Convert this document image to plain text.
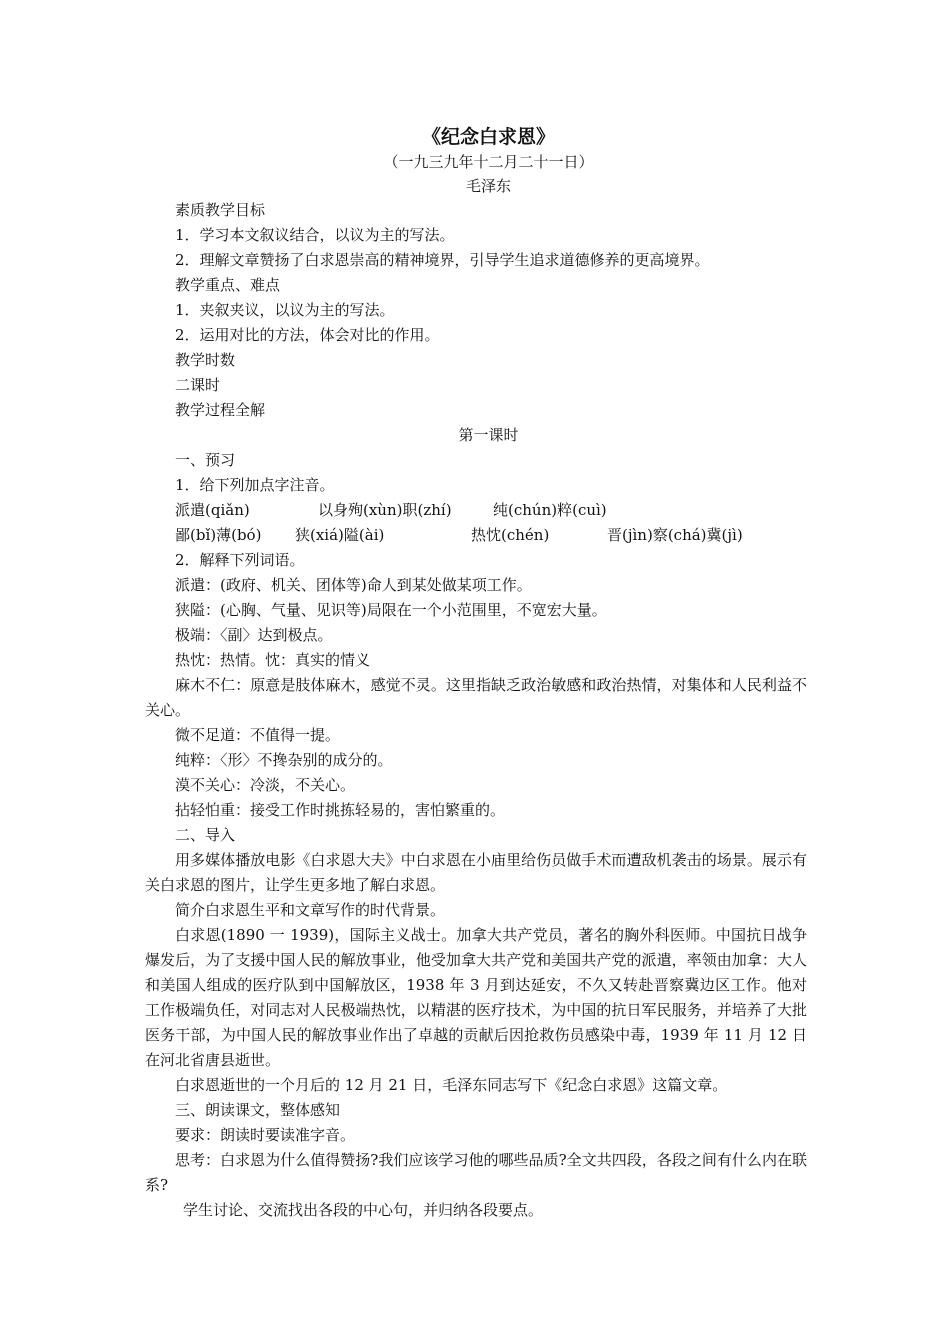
《纪念白求恩》
（一九三九年十二月二十一日）
毛泽东
素质教学目标
1．学习本文叙议结合，以议为主的写法。
2．理解文章赞扬了白求恩崇高的精神境界，引导学生追求道德修养的更高境界。
教学重点、难点
1．夹叙夹议，以议为主的写法。
2．运用对比的方法，体会对比的作用。
教学时数
二课时
教学过程全解
第一课时
一、预习
1．给下列加点字注音。
派遣(qiǎn)	以身殉(xùn)职(zhí)	纯(chún)粹(cuì)
鄙(bǐ)薄(bó) 狭(xiá)隘(ài)	热忱(chén)	晋(jìn)察(chá)冀(jì)
2．解释下列词语。
派遣：(政府、机关、团体等)命人到某处做某项工作。
狭隘：(心胸、气量、见识等)局限在一个小范围里，不宽宏大量。
极端：〈副〉达到极点。
热忱：热情。忱：真实的情义
麻木不仁：原意是肢体麻木，感觉不灵。这里指缺乏政治敏感和政治热情，对集体和人民利益不关心。
微不足道：不值得一提。
纯粹：〈形〉不搀杂别的成分的。
漠不关心：冷淡，不关心。
拈轻怕重：接受工作时挑拣轻易的，害怕繁重的。
二、导入
用多媒体播放电影《白求恩大夫》中白求恩在小庙里给伤员做手术而遭敌机袭击的场景。展示有关白求恩的图片，让学生更多地了解白求恩。
简介白求恩生平和文章写作的时代背景。
白求恩(1890 一 1939)，国际主义战士。加拿大共产党员，著名的胸外科医师。中国抗日战争爆发后，为了支援中国人民的解放事业，他受加拿大共产党和美国共产党的派遣，率领由加拿：大人和美国人组成的医疗队到中国解放区，1938 年 3 月到达延安，不久又转赴晋察冀边区工作。他对工作极端负任，对同志对人民极端热忱，以精湛的医疗技术，为中国的抗日军民服务，并培养了大批医务干部，为中国人民的解放事业作出了卓越的贡献后因抢救伤员感染中毒，1939 年 11 月 12 日在河北省唐县逝世。
白求恩逝世的一个月后的 12 月 21 日，毛泽东同志写下《纪念白求恩》这篇文章。
三、朗读课文，整体感知
要求：朗读时要读准字音。
思考：白求恩为什么值得赞扬?我们应该学习他的哪些品质?全文共四段，各段之间有什么内在联系?
学生讨论、交流找出各段的中心句，并归纳各段要点。
